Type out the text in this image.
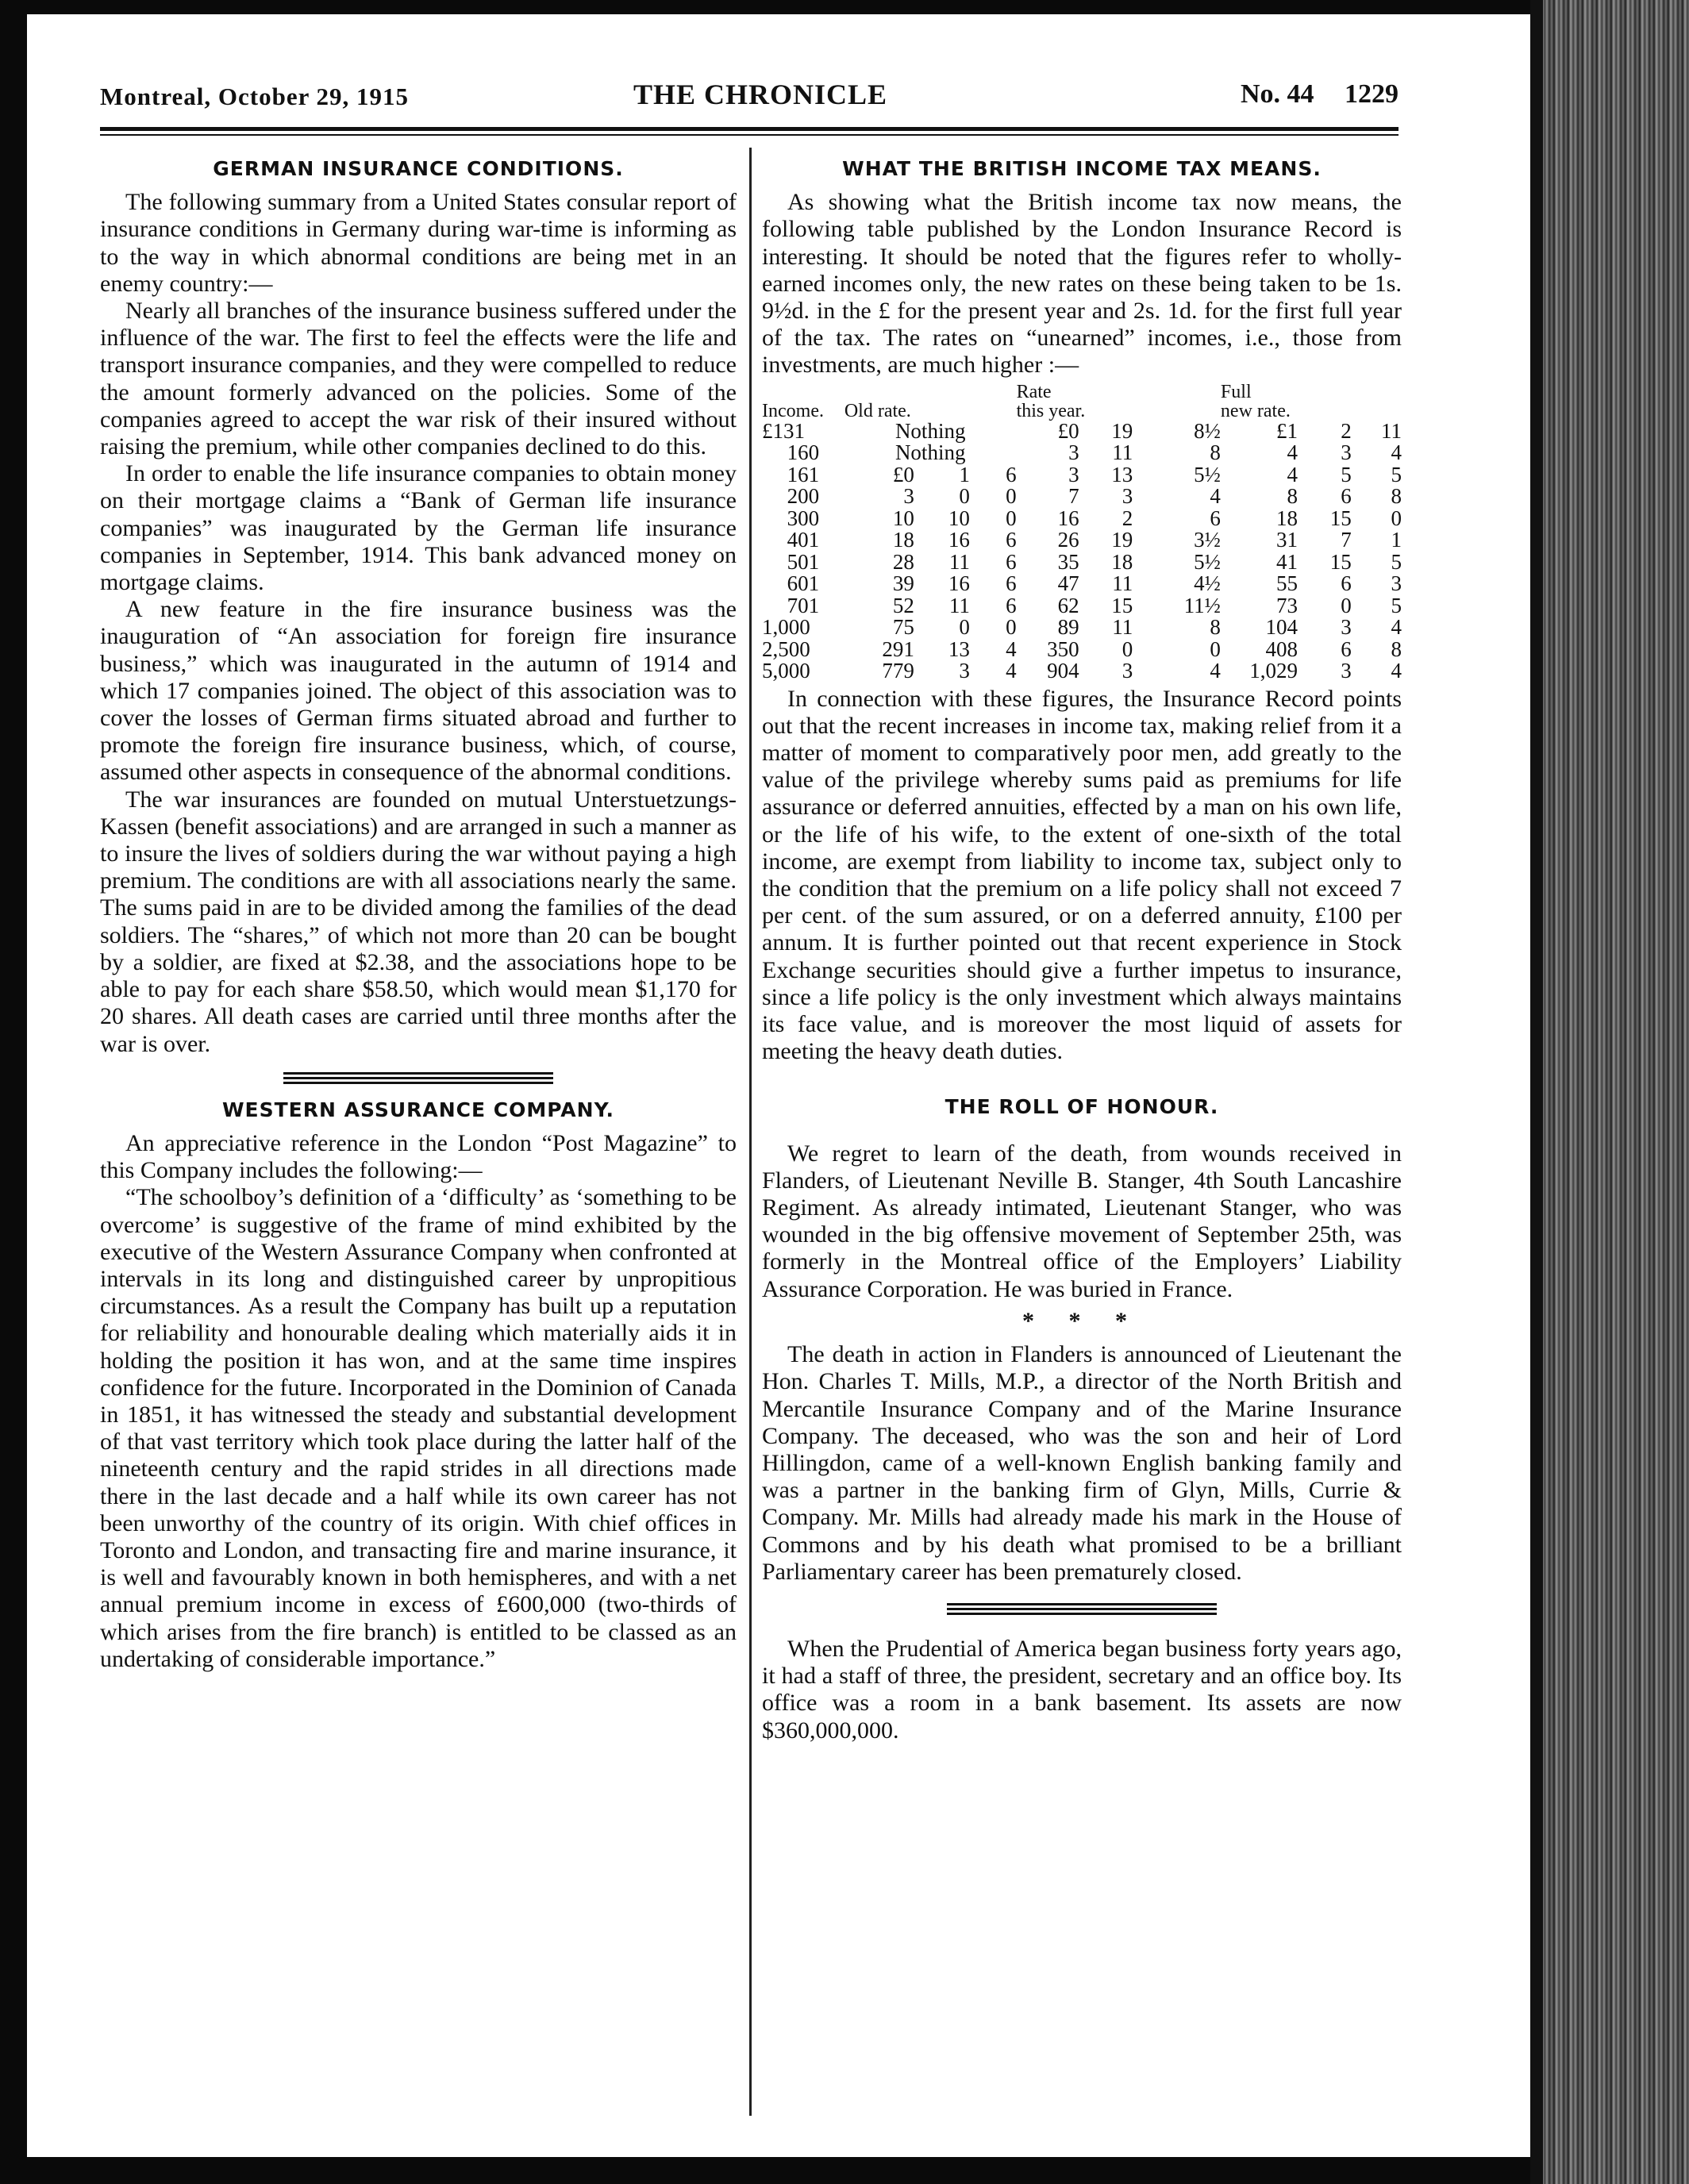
Montreal, October 29, 1915	THE CHRONICLE	No. 44 1229
GERMAN INSURANCE CONDITIONS.

The following summary from a United States consular report of insurance conditions in Germany during war-time is informing as to the way in which abnormal conditions are being met in an enemy country:—

Nearly all branches of the insurance business suffered under the influence of the war. The first to feel the effects were the life and transport insurance companies, and they were compelled to reduce the amount formerly advanced on the policies. Some of the companies agreed to accept the war risk of their insured without raising the premium, while other companies declined to do this.

In order to enable the life insurance companies to obtain money on their mortgage claims a “Bank of German life insurance companies” was inaugurated by the German life insurance companies in September, 1914. This bank advanced money on mortgage claims.

A new feature in the fire insurance business was the inauguration of “An association for foreign fire insurance business,” which was inaugurated in the autumn of 1914 and which 17 companies joined. The object of this association was to cover the losses of German firms situated abroad and further to promote the foreign fire insurance business, which, of course, assumed other aspects in consequence of the abnormal conditions.

The war insurances are founded on mutual Unterstuetzungs-Kassen (benefit associations) and are arranged in such a manner as to insure the lives of soldiers during the war without paying a high premium. The conditions are with all associations nearly the same. The sums paid in are to be divided among the families of the dead soldiers. The “shares,” of which not more than 20 can be bought by a soldier, are fixed at $2.38, and the associations hope to be able to pay for each share $58.50, which would mean $1,170 for 20 shares. All death cases are carried until three months after the war is over.

WESTERN ASSURANCE COMPANY.

An appreciative reference in the London “Post Magazine” to this Company includes the following:—

“The schoolboy’s definition of a ‘difficulty’ as ‘something to be overcome’ is suggestive of the frame of mind exhibited by the executive of the Western Assurance Company when confronted at intervals in its long and distinguished career by unpropitious circumstances. As a result the Company has built up a reputation for reliability and honourable dealing which materially aids it in holding the position it has won, and at the same time inspires confidence for the future. Incorporated in the Dominion of Canada in 1851, it has witnessed the steady and substantial development of that vast territory which took place during the latter half of the nineteenth century and the rapid strides in all directions made there in the last decade and a half while its own career has not been unworthy of the country of its origin. With chief offices in Toronto and London, and transacting fire and marine insurance, it is well and favourably known in both hemispheres, and with a net annual premium income in excess of £600,000 (two-thirds of which arises from the fire branch) is entitled to be classed as an undertaking of considerable importance.”

WHAT THE BRITISH INCOME TAX MEANS.

As showing what the British income tax now means, the following table published by the London Insurance Record is interesting. It should be noted that the figures refer to wholly-earned incomes only, the new rates on these being taken to be 1s. 9½d. in the £ for the present year and 2s. 1d. for the first full year of the tax. The rates on “unearned” incomes, i.e., those from investments, are much higher :—

				Rate			Full		
Income.	Old rate.			this year.			new rate.		
£131	Nothing			£0	19	8½	£1	2	11
160	Nothing			3	11	8	4	3	4
161	£0	1	6	3	13	5½	4	5	5
200	3	0	0	7	3	4	8	6	8
300	10	10	0	16	2	6	18	15	0
401	18	16	6	26	19	3½	31	7	1
501	28	11	6	35	18	5½	41	15	5
601	39	16	6	47	11	4½	55	6	3
701	52	11	6	62	15	11½	73	0	5
1,000	75	0	0	89	11	8	104	3	4
2,500	291	13	4	350	0	0	408	6	8
5,000	779	3	4	904	3	4	1,029	3	4

In connection with these figures, the Insurance Record points out that the recent increases in income tax, making relief from it a matter of moment to comparatively poor men, add greatly to the value of the privilege whereby sums paid as premiums for life assurance or deferred annuities, effected by a man on his own life, or the life of his wife, to the extent of one-sixth of the total income, are exempt from liability to income tax, subject only to the condition that the premium on a life policy shall not exceed 7 per cent. of the sum assured, or on a deferred annuity, £100 per annum. It is further pointed out that recent experience in Stock Exchange securities should give a further impetus to insurance, since a life policy is the only investment which always maintains its face value, and is moreover the most liquid of assets for meeting the heavy death duties.

THE ROLL OF HONOUR.

We regret to learn of the death, from wounds received in Flanders, of Lieutenant Neville B. Stanger, 4th South Lancashire Regiment. As already intimated, Lieutenant Stanger, who was wounded in the big offensive movement of September 25th, was formerly in the Montreal office of the Employers’ Liability Assurance Corporation. He was buried in France.

* * *

The death in action in Flanders is announced of Lieutenant the Hon. Charles T. Mills, M.P., a director of the North British and Mercantile Insurance Company and of the Marine Insurance Company. The deceased, who was the son and heir of Lord Hillingdon, came of a well-known English banking family and was a partner in the banking firm of Glyn, Mills, Currie & Company. Mr. Mills had already made his mark in the House of Commons and by his death what promised to be a brilliant Parliamentary career has been prematurely closed.

When the Prudential of America began business forty years ago, it had a staff of three, the president, secretary and an office boy. Its office was a room in a bank basement. Its assets are now $360,000,000.
